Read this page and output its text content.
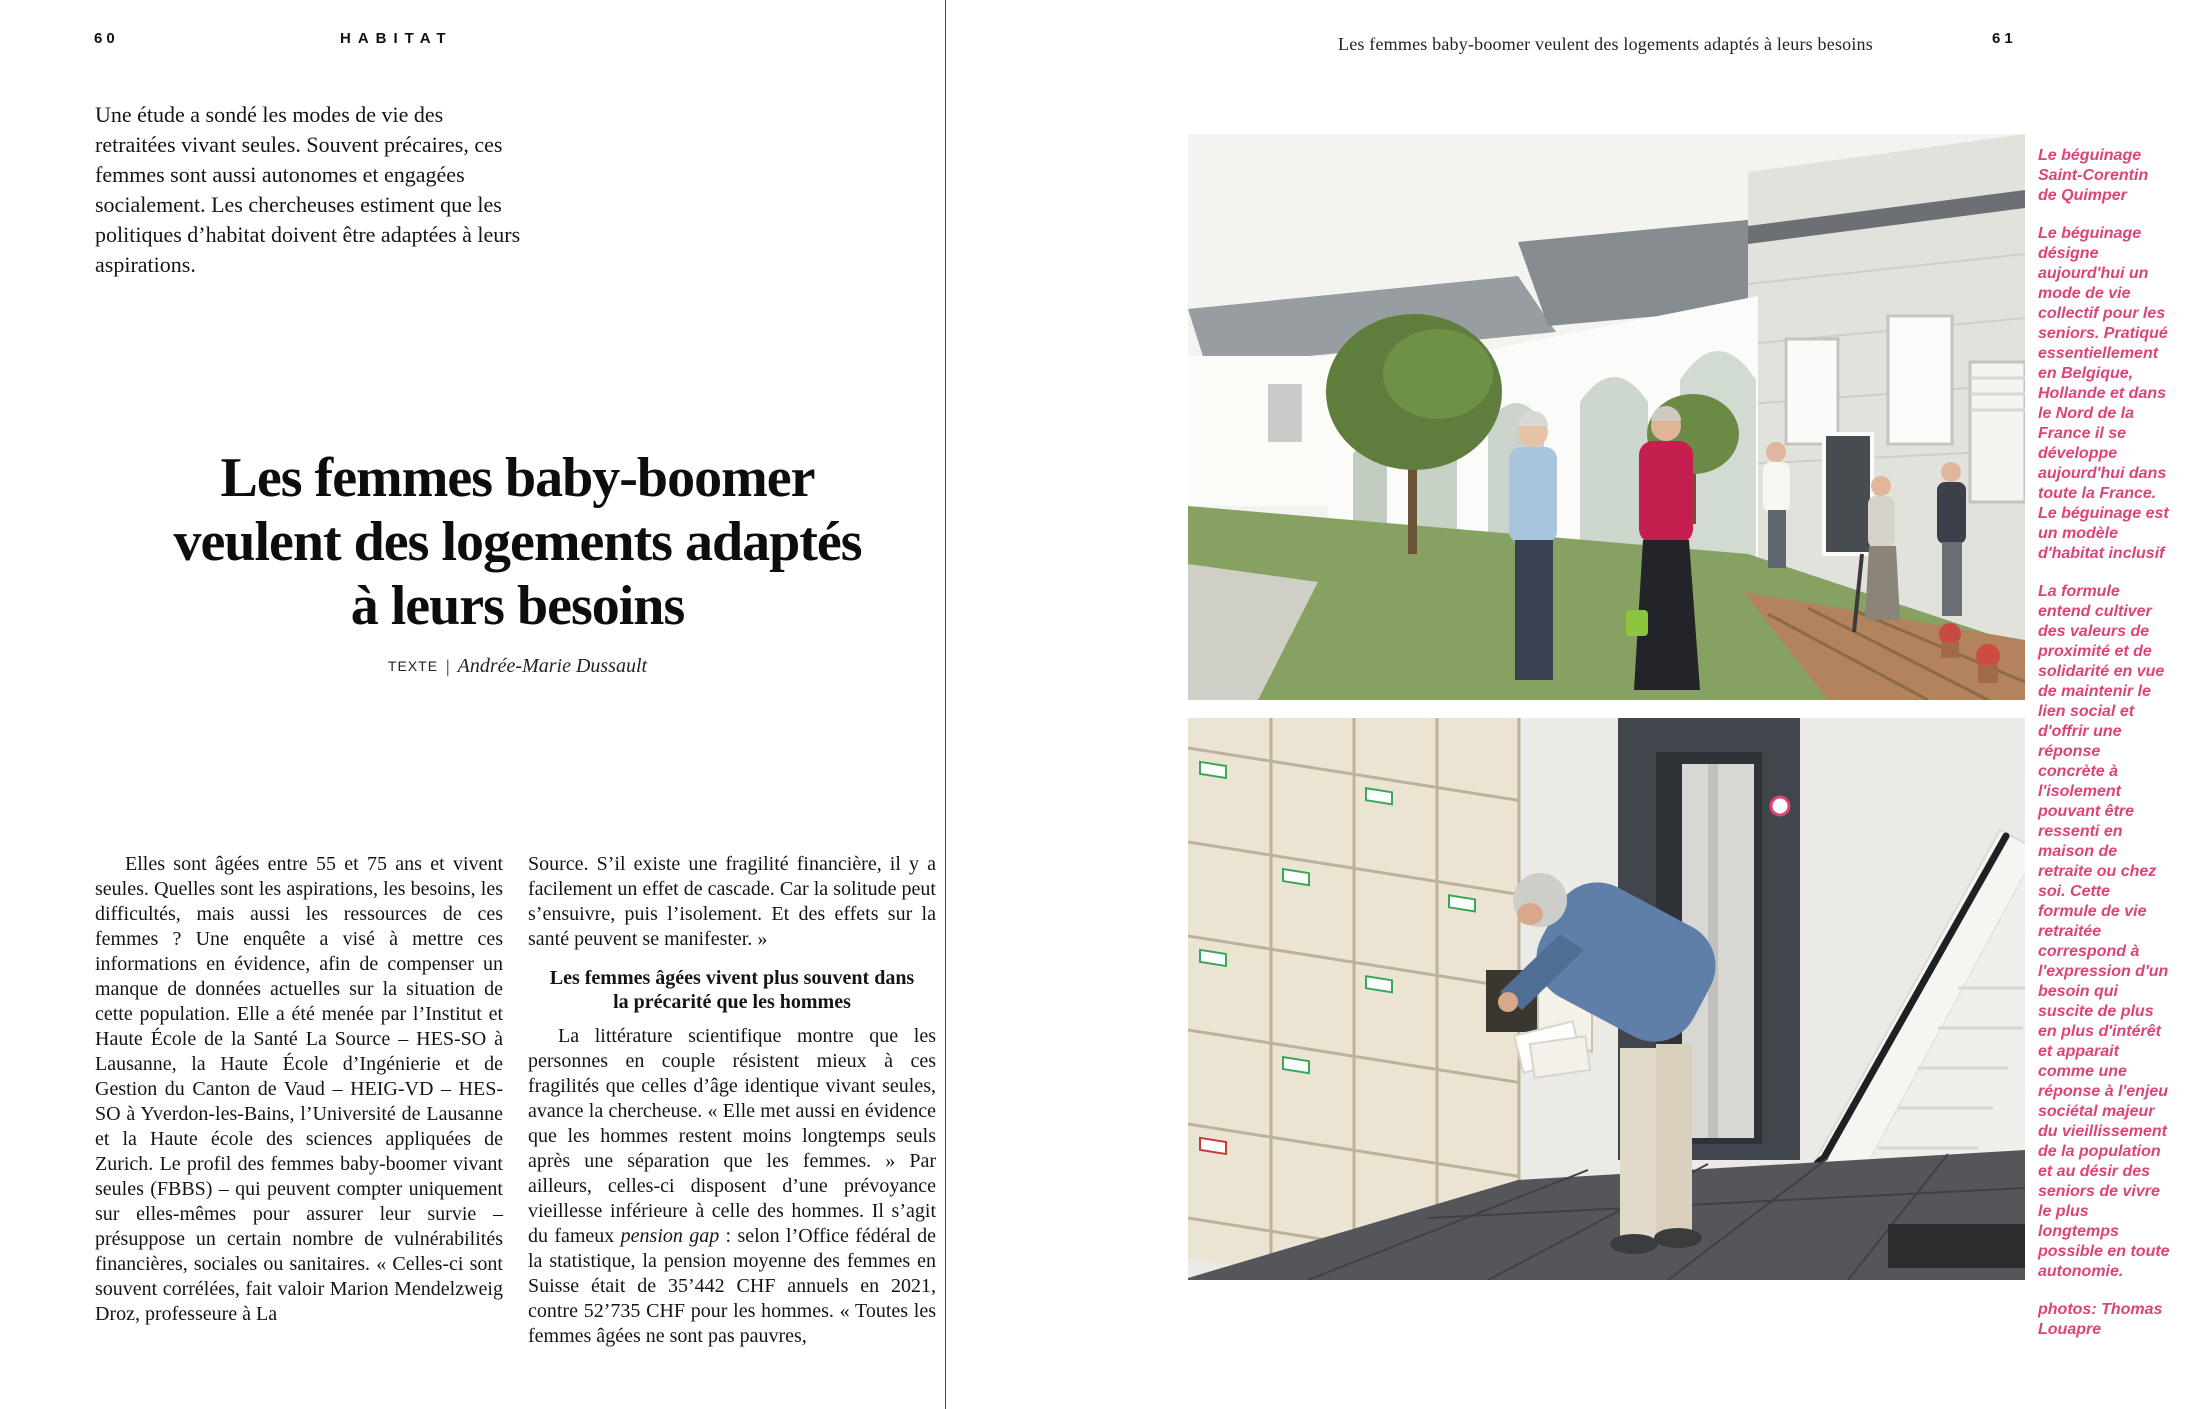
60	HABITAT
Une étude a sondé les modes de vie des retraitées vivant seules. Souvent précaires, ces femmes sont aussi autonomes et engagées socialement. Les chercheuses estiment que les politiques d’habitat doivent être adaptées à leurs aspirations.
Les femmes baby-boomer
veulent des logements adaptés
à leurs besoins
TEXTE | Andrée-Marie Dussault
Elles sont âgées entre 55 et 75 ans et vivent seules. Quelles sont les aspirations, les besoins, les difficultés, mais aussi les ressources de ces femmes ? Une enquête a visé à mettre ces informations en évidence, afin de compenser un manque de données actuelles sur la situation de cette population. Elle a été menée par l’Institut et Haute École de la Santé La Source – HES-SO à Lausanne, la Haute École d’Ingénierie et de Gestion du Canton de Vaud – HEIG-VD – HES-SO à Yverdon-les-Bains, l’Université de Lausanne et la Haute école des sciences appliquées de Zurich. Le profil des femmes baby-boomer vivant seules (FBBS) – qui peuvent compter uniquement sur elles-mêmes pour assurer leur survie – présuppose un certain nombre de vulnérabilités financières, sociales ou sanitaires. « Celles-ci sont souvent corrélées, fait valoir Marion Mendelzweig Droz, professeure à La

Source. S’il existe une fragilité financière, il y a facilement un effet de cascade. Car la solitude peut s’ensuivre, puis l’isolement. Et des effets sur la santé peuvent se manifester. »

Les femmes âgées vivent plus souvent dans
la précarité que les hommes

La littérature scientifique montre que les personnes en couple résistent mieux à ces fragilités que celles d’âge identique vivant seules, avance la chercheuse. « Elle met aussi en évidence que les hommes restent moins longtemps seuls après une séparation que les femmes. » Par ailleurs, celles-ci disposent d’une prévoyance vieillesse inférieure à celle des hommes. Il s’agit du fameux pension gap : selon l’Office fédéral de la statistique, la pension moyenne des femmes en Suisse était de 35’442 CHF annuels en 2021, contre 52’735 CHF pour les hommes. « Toutes les femmes âgées ne sont pas pauvres,

Les femmes baby-boomer veulent des logements adaptés à leurs besoins	61

Le béguinage Saint-Corentin de Quimper

Le béguinage désigne aujourd'hui un mode de vie collectif pour les seniors. Pratiqué essentiellement en Belgique, Hollande et dans le Nord de la France il se développe aujourd'hui dans toute la France. Le béguinage est un modèle d'habitat inclusif

La formule entend cultiver des valeurs de proximité et de solidarité en vue de maintenir le lien social et d'offrir une réponse concrète à l'isolement pouvant être ressenti en maison de retraite ou chez soi. Cette formule de vie retraitée correspond à l'expression d'un besoin qui suscite de plus en plus d'intérêt et apparait comme une réponse à l'enjeu sociétal majeur du vieillissement de la population et au désir des seniors de vivre le plus longtemps possible en toute autonomie.

photos: Thomas Louapre
